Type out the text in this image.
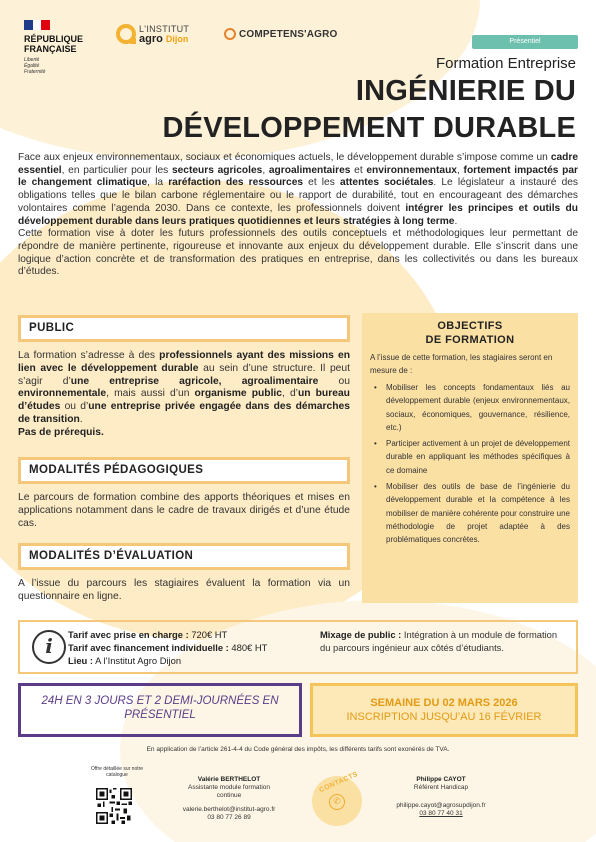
RÉPUBLIQUE
FRANÇAISE
Liberté Égalité Fraternité
L'INSTITUT
agro Dijon	COMPETENS'AGRO
Présentiel
Formation Entreprise
INGÉNIERIE DU
DÉVELOPPEMENT DURABLE
Face aux enjeux environnementaux, sociaux et économiques actuels, le développement durable s’impose comme un cadre essentiel, en particulier pour les secteurs agricoles, agroalimentaires et environnementaux, fortement impactés par le changement climatique, la raréfaction des ressources et les attentes sociétales. Le législateur a instauré des obligations telles que le bilan carbone réglementaire ou le rapport de durabilité, tout en encourageant des démarches volontaires comme l’agenda 2030. Dans ce contexte, les professionnels doivent intégrer les principes et outils du développement durable dans leurs pratiques quotidiennes et leurs stratégies à long terme.
Cette formation vise à doter les futurs professionnels des outils conceptuels et méthodologiques leur permettant de répondre de manière pertinente, rigoureuse et innovante aux enjeux du développement durable. Elle s’inscrit dans une logique d’action concrète et de transformation des pratiques en entreprise, dans les collectivités ou dans les bureaux d’études.
PUBLIC
La formation s’adresse à des professionnels ayant des missions en lien avec le développement durable au sein d’une structure. Il peut s’agir d’une entreprise agricole, agroalimentaire ou environnementale, mais aussi d’un organisme public, d’un bureau d’études ou d’une entreprise privée engagée dans des démarches de transition.
Pas de prérequis.
MODALITÉS PÉDAGOGIQUES
Le parcours de formation combine des apports théoriques et mises en applications notamment dans le cadre de travaux dirigés et d’une étude cas.
MODALITÉS D’ÉVALUATION
A l’issue du parcours les stagiaires évaluent la formation via un questionnaire en ligne.
OBJECTIFS
DE FORMATION
A l’issue de cette formation, les stagiaires seront en mesure de :
• Mobiliser les concepts fondamentaux liés au développement durable (enjeux environnementaux, sociaux, économiques, gouvernance, résilience, etc.)
• Participer activement à un projet de développement durable en appliquant les méthodes spécifiques à ce domaine
• Mobiliser des outils de base de l’ingénierie du développement durable et la compétence à les mobiliser de manière cohérente pour construire une méthodologie de projet adaptée à des problématiques concrètes.
i	Tarif avec prise en charge : 720€ HT
Tarif avec financement individuelle : 480€ HT
Lieu : A l’Institut Agro Dijon
Mixage de public : Intégration à un module de formation du parcours ingénieur aux côtés d’étudiants.
24H EN 3 JOURS ET 2 DEMI-JOURNÉES EN PRÉSENTIEL
SEMAINE DU 02 MARS 2026
INSCRIPTION JUSQU’AU 16 FÉVRIER
En application de l’article 261-4-4 du Code général des impôts, les différents tarifs sont exonérés de TVA.
Offre détaillée sur notre catalogue
Valérie BERTHELOT
Assistante module formation continue
valerie.berthelot@institut-agro.fr
03 80 77 26 89
CONTACTS
✆
Philippe CAYOT
Référent Handicap
philippe.cayot@agrosupdijon.fr
03 80 77 40 31
